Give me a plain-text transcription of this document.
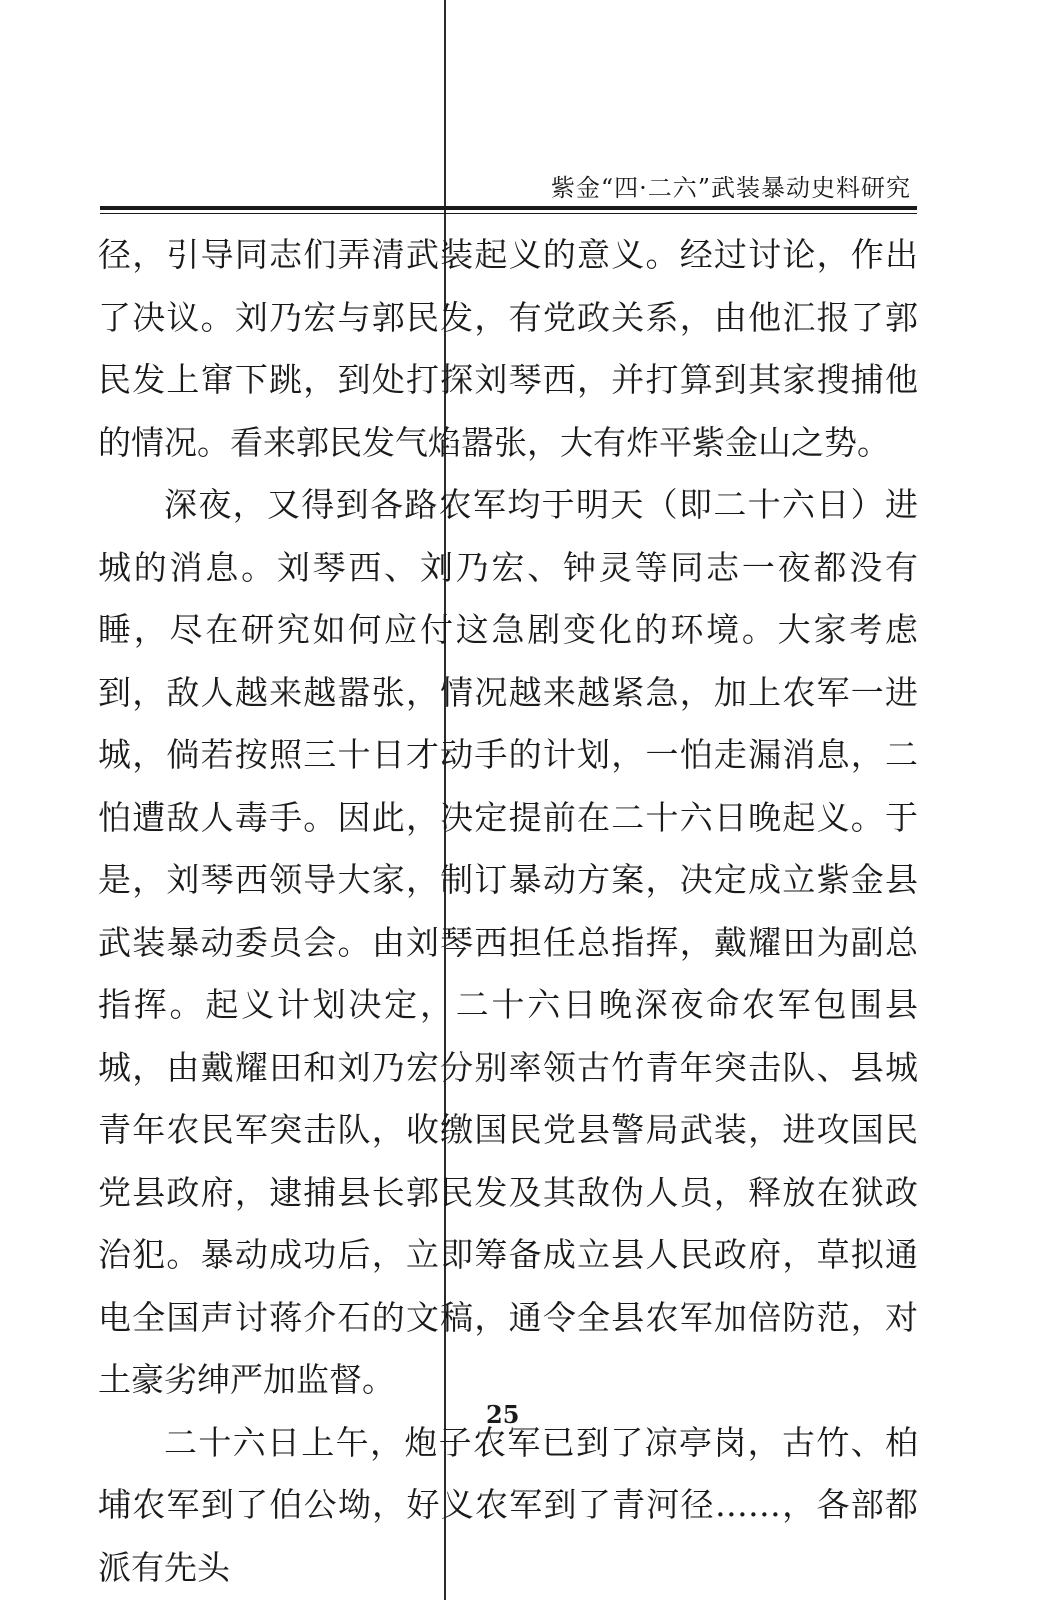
紫金“四·二六”武装暴动史料研究

径，引导同志们弄清武装起义的意义。经过讨论，作出了决议。刘乃宏与郭民发，有党政关系，由他汇报了郭民发上窜下跳，到处打探刘琴西，并打算到其家搜捕他的情况。看来郭民发气焰嚣张，大有炸平紫金山之势。

深夜，又得到各路农军均于明天（即二十六日）进城的消息。刘琴西、刘乃宏、钟灵等同志一夜都没有睡，尽在研究如何应付这急剧变化的环境。大家考虑到，敌人越来越嚣张，情况越来越紧急，加上农军一进城，倘若按照三十日才动手的计划，一怕走漏消息，二怕遭敌人毒手。因此，决定提前在二十六日晚起义。于是，刘琴西领导大家，制订暴动方案，决定成立紫金县武装暴动委员会。由刘琴西担任总指挥，戴耀田为副总指挥。起义计划决定，二十六日晚深夜命农军包围县城，由戴耀田和刘乃宏分别率领古竹青年突击队、县城青年农民军突击队，收缴国民党县警局武装，进攻国民党县政府，逮捕县长郭民发及其敌伪人员，释放在狱政治犯。暴动成功后，立即筹备成立县人民政府，草拟通电全国声讨蒋介石的文稿，通令全县农军加倍防范，对土豪劣绅严加监督。

二十六日上午，炮子农军已到了凉亭岗，古竹、柏埔农军到了伯公坳，好义农军到了青河径……，各部都派有先头

25
